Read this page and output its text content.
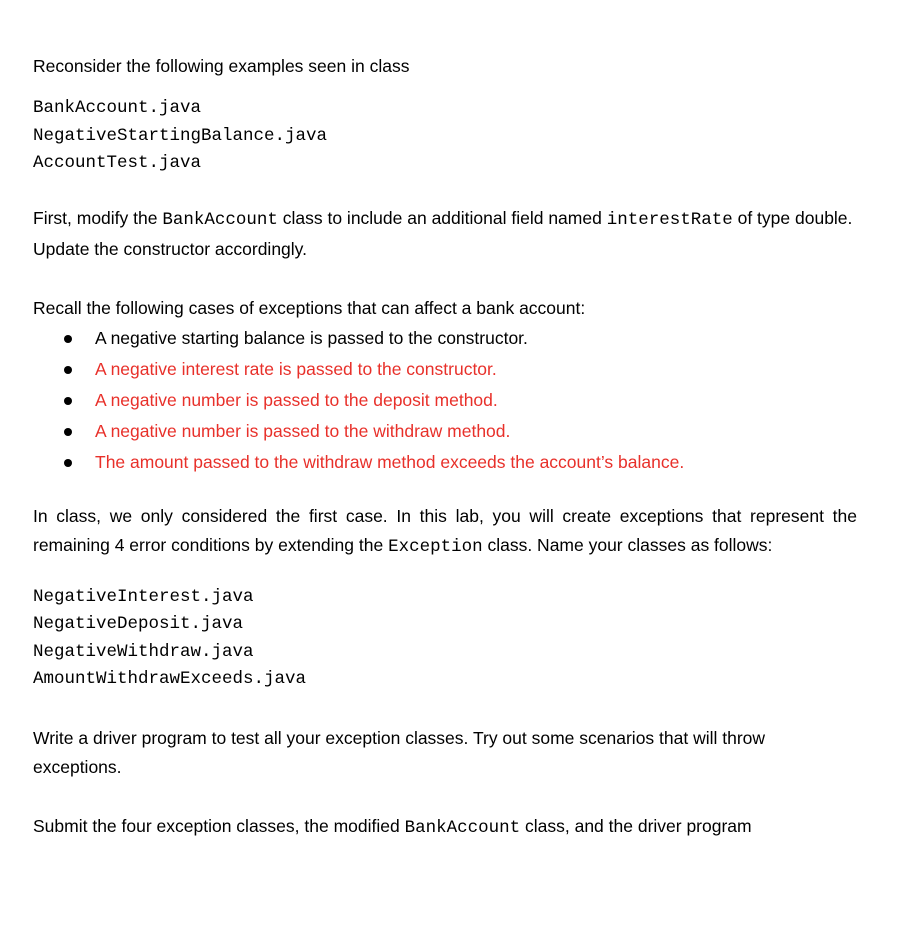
Reconsider the following examples seen in class

BankAccount.java
NegativeStartingBalance.java
AccountTest.java

First, modify the BankAccount class to include an additional field named interestRate of type double. Update the constructor accordingly.

Recall the following cases of exceptions that can affect a bank account:

A negative starting balance is passed to the constructor.
A negative interest rate is passed to the constructor.
A negative number is passed to the deposit method.
A negative number is passed to the withdraw method.
The amount passed to the withdraw method exceeds the account’s balance.

In class, we only considered the first case. In this lab, you will create exceptions that represent the remaining 4 error conditions by extending the Exception class. Name your classes as follows:

NegativeInterest.java
NegativeDeposit.java
NegativeWithdraw.java
AmountWithdrawExceeds.java

Write a driver program to test all your exception classes. Try out some scenarios that will throw exceptions.

Submit the four exception classes, the modified BankAccount class, and the driver program
